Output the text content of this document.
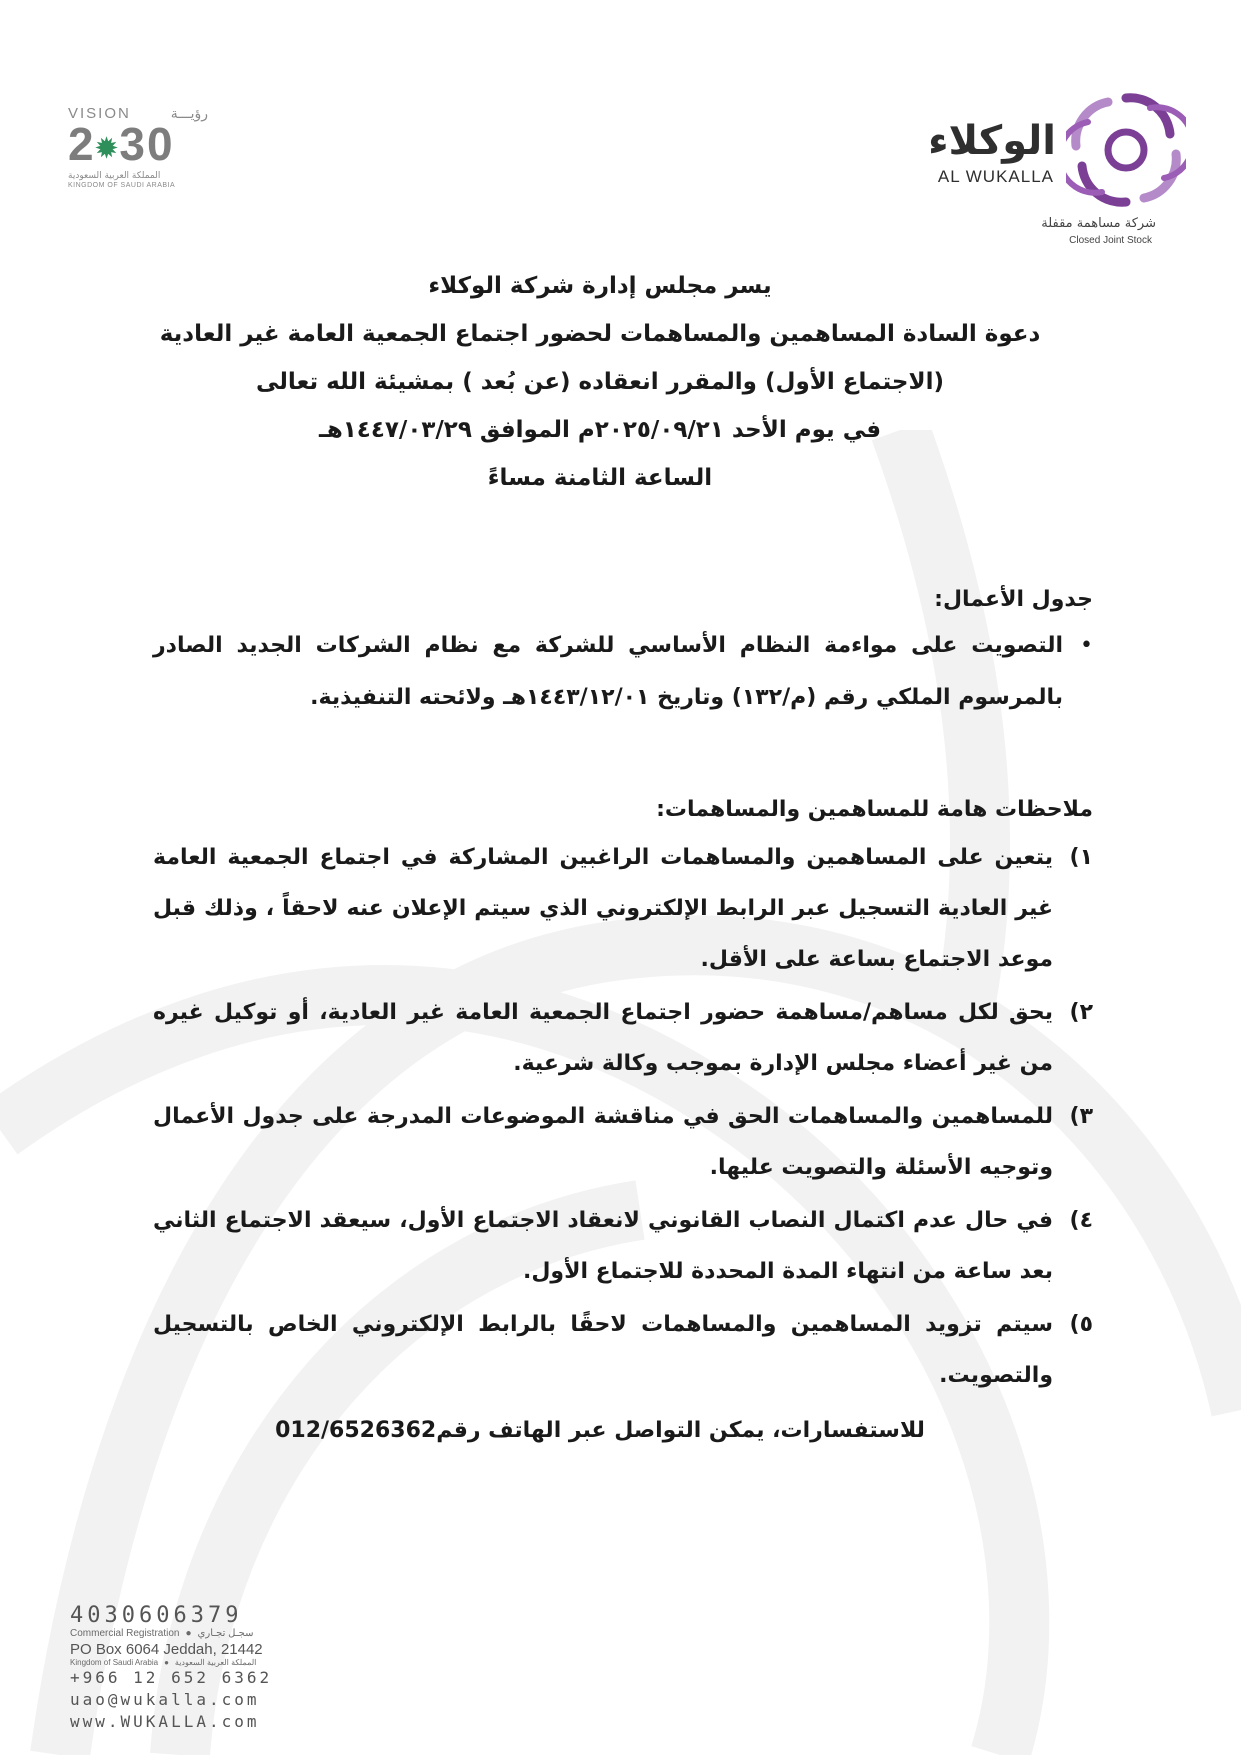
VISION	رؤيـــة
2✹30
المملكة العربية السعودية
KINGDOM OF SAUDI ARABIA
الوكلاء
AL WUKALLA
شركة مساهمة مقفلة
Closed Joint Stock
يسر مجلس إدارة شركة الوكلاء
دعوة السادة المساهمين والمساهمات لحضور اجتماع الجمعية العامة غير العادية
(الاجتماع الأول) والمقرر انعقاده (عن بُعد ) بمشيئة الله تعالى
في يوم الأحد ٢٠٢٥/٠٩/٢١م الموافق ١٤٤٧/٠٣/٢٩هـ
الساعة الثامنة مساءً
جدول الأعمال:
•
التصويت على مواءمة النظام الأساسي للشركة مع نظام الشركات الجديد الصادر بالمرسوم الملكي رقم (م/١٣٢) وتاريخ ١٤٤٣/١٢/٠١هـ ولائحته التنفيذية.
ملاحظات هامة للمساهمين والمساهمات:
١)
يتعين على المساهمين والمساهمات الراغبين المشاركة في اجتماع الجمعية العامة غير العادية التسجيل عبر الرابط الإلكتروني الذي سيتم الإعلان عنه لاحقاً ، وذلك قبل موعد الاجتماع بساعة على الأقل.
٢)
يحق لكل مساهم/مساهمة حضور اجتماع الجمعية العامة غير العادية، أو توكيل غيره من غير أعضاء مجلس الإدارة بموجب وكالة شرعية.
٣)
للمساهمين والمساهمات الحق في مناقشة الموضوعات المدرجة على جدول الأعمال وتوجيه الأسئلة والتصويت عليها.
٤)
في حال عدم اكتمال النصاب القانوني لانعقاد الاجتماع الأول، سيعقد الاجتماع الثاني بعد ساعة من انتهاء المدة المحددة للاجتماع الأول.
٥)
سيتم تزويد المساهمين والمساهمات لاحقًا بالرابط الإلكتروني الخاص بالتسجيل والتصويت.
للاستفسارات، يمكن التواصل عبر الهاتف رقم012/6526362
4030606379
Commercial Registration ● سجـل تجـاري
PO Box 6064 Jeddah, 21442
Kingdom of Saudi Arabia ● المملكة العربية السعودية
+966 12 652 6362
uao@wukalla.com
www.WUKALLA.com
